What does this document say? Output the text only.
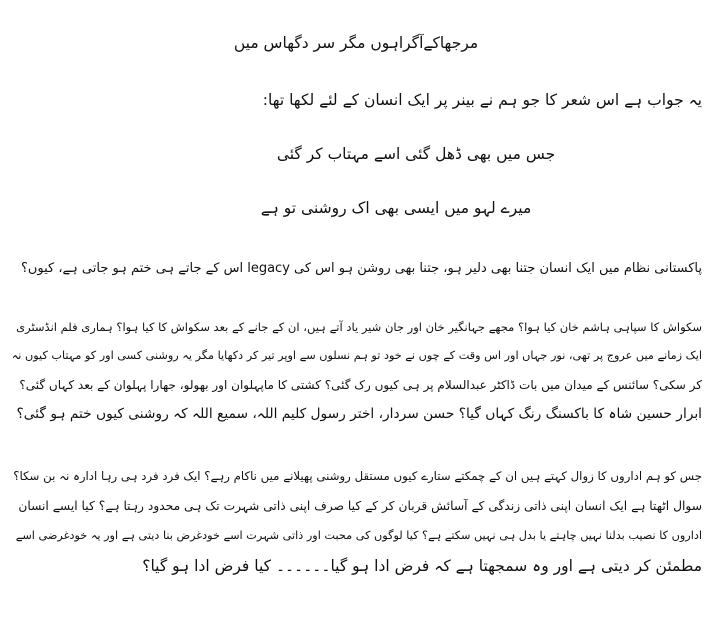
مرجھاکےآگراہوں مگر سر دگھاس میں
یہ جواب ہے اس شعر کا جو ہم نے بینر پر ایک انسان کے لئے لکھا تھا:
جس میں بھی ڈھل گئی اسے مہتاب کر گئی
میرے لہو میں ایسی بھی اک روشنی تو ہے
پاکستانی نظام میں ایک انسان جتنا بھی دلیر ہو، جتنا بھی روشن ہو اس کی legacy اس کے جاتے ہی ختم ہو جاتی ہے، کیوں؟
سکواش کا سپاہی ہاشم خان کیا ہوا؟ مجھے جہانگیر خان اور جان شیر یاد آتے ہیں، ان کے جانے کے بعد سکواش کا کیا ہوا؟ ہماری فلم انڈسٹری
ایک زمانے میں عروج پر تھی، نور جہاں اور اس وقت کے چوں نے خود تو ہم نسلوں سے اوپر تیر کر دکھایا مگر یہ روشنی کسی اور کو مہتاب کیوں نہ
کر سکی؟ سائنس کے میدان میں بات ڈاکٹر عبدالسلام پر ہی کیوں رک گئی؟ کشتی کا ماپہلوان اور بھولو، جھارا پہلوان کے بعد کہاں گئی؟
ابرار حسین شاہ کا باکسنگ رنگ کہاں گیا؟ حسن سردار، اختر رسول کلیم اللہ، سمیع اللہ کہ روشنی کیوں ختم ہو گئی؟
جس کو ہم اداروں کا زوال کہتے ہیں ان کے چمکتے ستارے کیوں مستقل روشنی پھیلانے میں ناکام رہے؟ ایک فرد فرد ہی رہا ادارہ نہ بن سکا؟
سوال اٹھتا ہے ایک انسان اپنی ذاتی زندگی کے آسائش قربان کر کے کیا صرف اپنی ذاتی شہرت تک ہی محدود رہتا ہے؟ کیا ایسے انسان
اداروں کا نصیب بدلنا نہیں چاہتے یا بدل ہی نہیں سکتے ہے؟ کیا لوگوں کی محبت اور ذاتی شہرت اسے خودغرض بنا دیتی ہے اور یہ خودغرضی اسے
مطمئن کر دیتی ہے اور وہ سمجھتا ہے کہ فرض ادا ہو گیا۔۔۔۔۔۔ کیا فرض ادا ہو گیا؟
